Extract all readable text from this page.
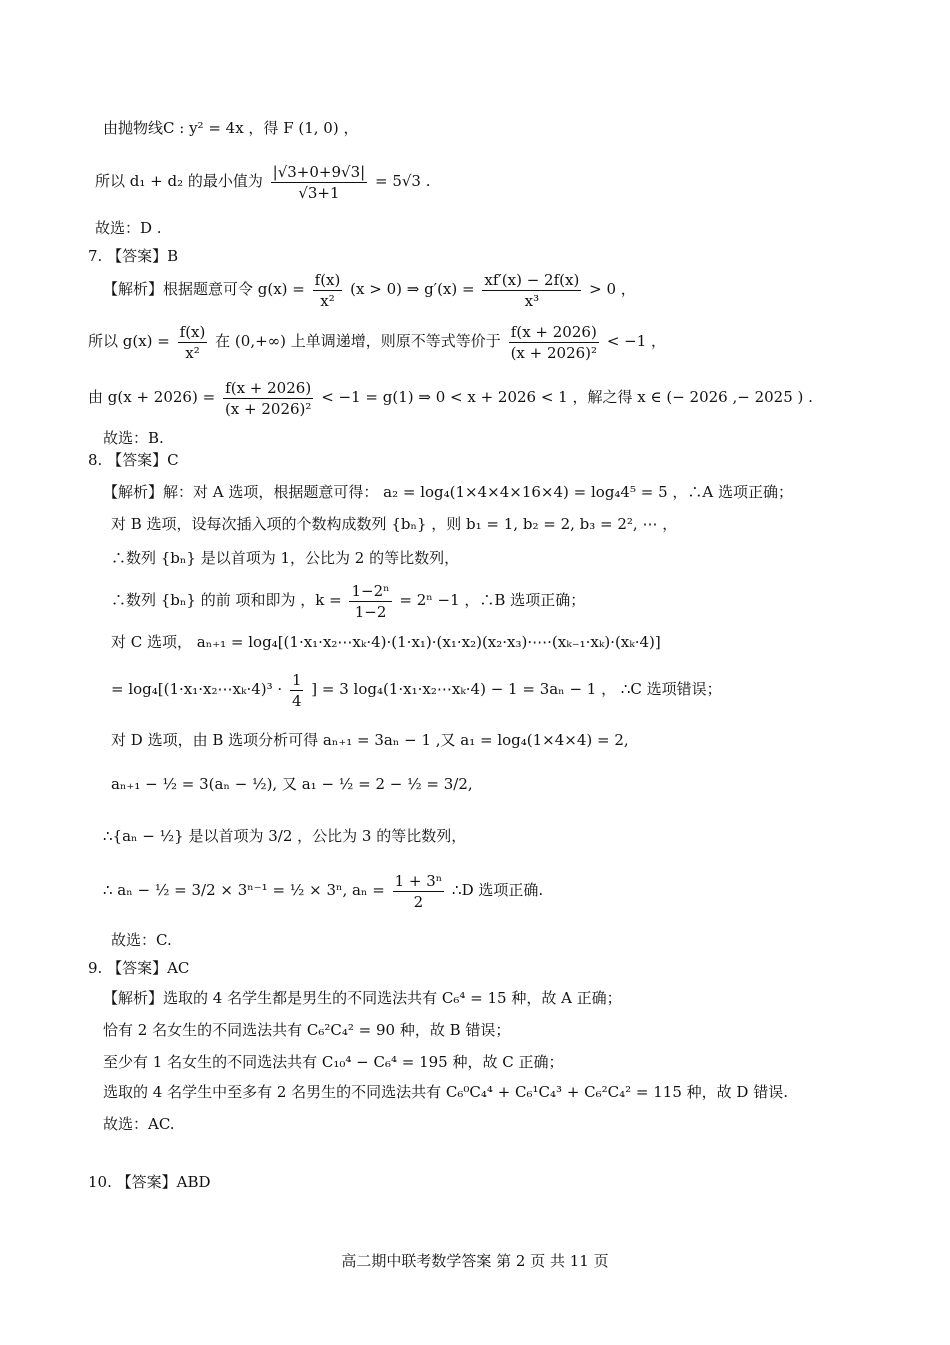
由抛物线C : y² = 4x ，得 F (1, 0) ，
所以 d₁ + d₂ 的最小值为 $\frac{|√3+0+9√3|}{√3+1} = 5√3$ .
故选：D .
7. 【答案】B
【解析】根据题意可令 $g(x) = \frac{f(x)}{\text{x²}} (x > 0)$ ⇒ $g'(x) = \frac{xf'(x) - 2f(x)}{\text{x³}} > 0$ ，
所以 $g(x) = \frac{f(x)}{\text{x²}}$ 在 (0,+∞) 上单调递增，则原不等式等价于 $\frac{f(x + 2026)}{\text{(x + 2026)²}} < -1$ ，
由 $g(x + 2026) = \frac{f(x + 2026)}{\text{(x + 2026)²}} < -1 = g(1)$ ⇒ 0 < x + 2026 < 1 ，解之得 x ∈ (− 2026 ,− 2025 ) .
故选：B.
8. 【答案】C
【解析】解：对 A 选项，根据题意可得： a₂ = log₄(1×4×4×16×4) = log₄4⁵ = 5 ，∴A 选项正确；
对 B 选项，设每次插入项的个数构成数列 {bₙ} ，则 b₁ = 1, b₂ = 2, b₃ = 2², ⋯ ，
∴数列 {bₙ} 是以首项为 1，公比为 2 的等比数列，
∴数列 {bₙ} 的前 项和即为 ，$k = \frac{\text{1−2ⁿ}}{1-2} = 2^n -1$ ，∴B 选项正确；
对 C 选项， aₙ₊₁ = log₄[(1·x₁·x₂⋯xₖ·4)·(1·x₁)·(x₁·x₂)(x₂·x₃)·⋯·(xₖ₋₁·xₖ)·(xₖ·4)]
= log₄[(1·x₁·x₂⋯xₖ·4)³ · $\frac{1}{4}$ ] = 3 log₄(1·x₁·x₂⋯xₖ·4) − 1 = 3aₙ − 1 ， ∴C 选项错误；
对 D 选项，由 B 选项分析可得 aₙ₊₁ = 3aₙ − 1 ,又 a₁ = log₄(1×4×4) = 2,
aₙ₊₁ − ½ = 3(aₙ − ½), 又 a₁ − ½ = 2 − ½ = 3/2,
∴{aₙ − ½} 是以首项为 3/2 ，公比为 3 的等比数列，
∴ aₙ − ½ = 3/2 × 3ⁿ⁻¹ = ½ × 3ⁿ, $a_n = \frac{\text{1 + 3ⁿ}}{2}$ ∴D 选项正确.
故选：C.
9. 【答案】AC
【解析】选取的 4 名学生都是男生的不同选法共有 C₆⁴ = 15 种，故 A 正确；
恰有 2 名女生的不同选法共有 C₆²C₄² = 90 种，故 B 错误；
至少有 1 名女生的不同选法共有 C₁₀⁴ − C₆⁴ = 195 种，故 C 正确；
选取的 4 名学生中至多有 2 名男生的不同选法共有 C₆⁰C₄⁴ + C₆¹C₄³ + C₆²C₄² = 115 种，故 D 错误.
故选：AC.
10. 【答案】ABD
高二期中联考数学答案 第 2 页 共 11 页
